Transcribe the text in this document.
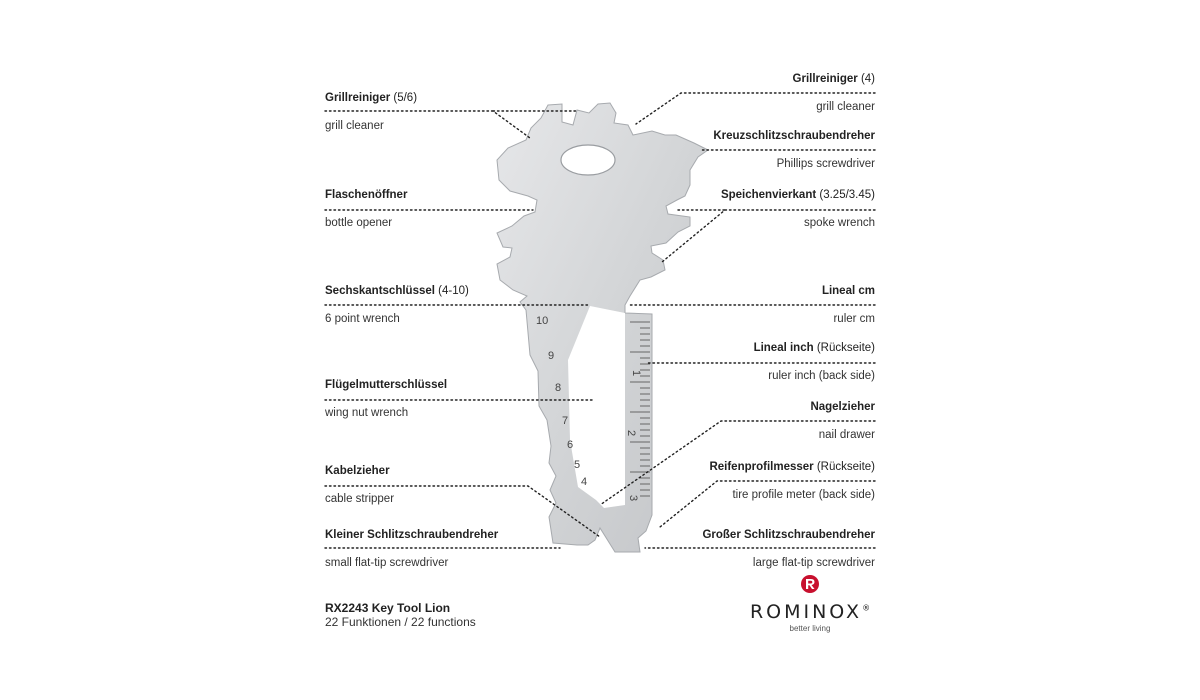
1
2
3
10
9
8
7
6
5
4
Grillreiniger (5/6)
grill cleaner
Flaschenöffner
bottle opener
Sechskantschlüssel (4-10)
6 point wrench
Flügelmutterschlüssel
wing nut wrench
Kabelzieher
cable stripper
Kleiner Schlitzschraubendreher
small flat-tip screwdriver
Grillreiniger (4)
grill cleaner
Kreuzschlitzschraubendreher
Phillips screwdriver
Speichenvierkant (3.25/3.45)
spoke wrench
Lineal cm
ruler cm
Lineal inch (Rückseite)
ruler inch (back side)
Nagelzieher
nail drawer
Reifenprofilmesser (Rückseite)
tire profile meter (back side)
Großer Schlitzschraubendreher
large flat-tip screwdriver
RX2243 Key Tool Lion
22 Funktionen / 22 functions	ROMINOX®
better living
